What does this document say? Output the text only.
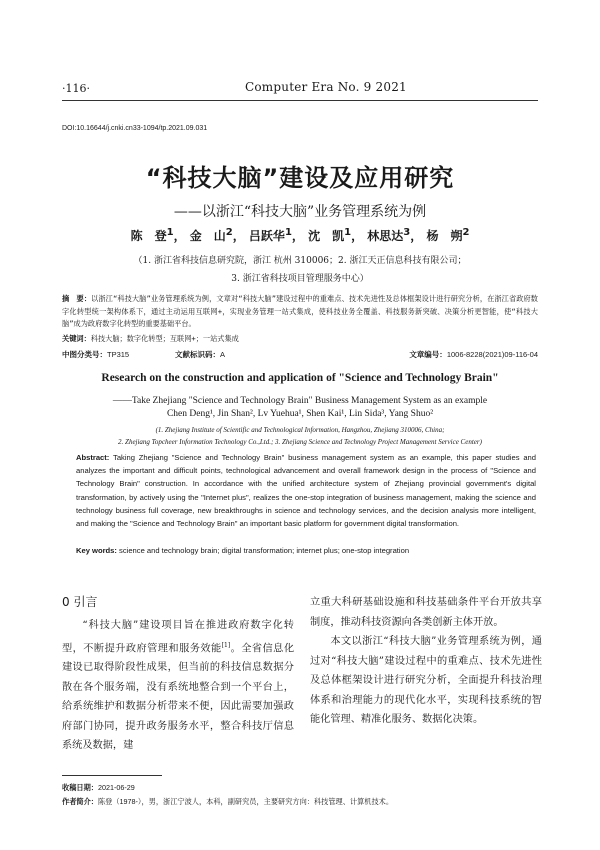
·116·	Computer Era No. 9 2021
DOI:10.16644/j.cnki.cn33-1094/tp.2021.09.031
“科技大脑”建设及应用研究
——以浙江“科技大脑”业务管理系统为例
陈　登$^1$， 金　山$^2$， 吕跃华$^1$， 沈　凯$^1$， 林思达$^3$， 杨　朔$^2$
（1. 浙江省科技信息研究院，浙江 杭州 310006；2. 浙江天正信息科技有限公司；
3. 浙江省科技项目管理服务中心）
摘　要：以浙江“科技大脑”业务管理系统为例，文章对“科技大脑”建设过程中的重难点、技术先进性及总体框架设计进行研究分析，在浙江省政府数字化转型统一架构体系下，通过主动运用互联网+，实现业务管理一站式集成，使科技业务全覆盖、科技服务新突破、决策分析更智能，使“科技大脑”成为政府数字化转型的重要基础平台。
关键词：科技大脑；数字化转型；互联网+；一站式集成
中图分类号：TP315	文献标识码：A	文章编号：1006-8228(2021)09-116-04
Research on the construction and application of "Science and Technology Brain"
——Take Zhejiang "Science and Technology Brain" Business Management System as an example
Chen Deng¹, Jin Shan², Lv Yuehua¹, Shen Kai¹, Lin Sida³, Yang Shuo²
(1. Zhejiang Institute of Scientific and Technological Information, Hangzhou, Zhejiang 310006, China;
2. Zhejiang Topcheer Information Technology Co.,Ltd.; 3. Zhejiang Science and Technology Project Management Service Center)
Abstract: Taking Zhejiang "Science and Technology Brain" business management system as an example, this paper studies and analyzes the important and difficult points, technological advancement and overall framework design in the process of "Science and Technology Brain" construction. In accordance with the unified architecture system of Zhejiang provincial government's digital transformation, by actively using the "Internet plus", realizes the one-stop integration of business management, making the science and technology business full coverage, new breakthroughs in science and technology services, and the decision analysis more intelligent, and making the "Science and Technology Brain" an important basic platform for government digital transformation.
Key words: science and technology brain; digital transformation; internet plus; one-stop integration
0 引言

“科技大脑”建设项目旨在推进政府数字化转型，不断提升政府管理和服务效能[1]。全省信息化建设已取得阶段性成果，但当前的科技信息数据分散在各个服务端，没有系统地整合到一个平台上，给系统维护和数据分析带来不便，因此需要加强政府部门协同，提升政务服务水平，整合科技厅信息系统及数据，建

立重大科研基础设施和科技基础条件平台开放共享制度，推动科技资源向各类创新主体开放。

本文以浙江“科技大脑”业务管理系统为例，通过对“科技大脑”建设过程中的重难点、技术先进性及总体框架设计进行研究分析，全面提升科技治理体系和治理能力的现代化水平，实现科技系统的智能化管理、精准化服务、数据化决策。

收稿日期：2021-06-29
作者简介：陈登（1978-），男，浙江宁波人，本科，副研究员，主要研究方向：科技管理、计算机技术。
